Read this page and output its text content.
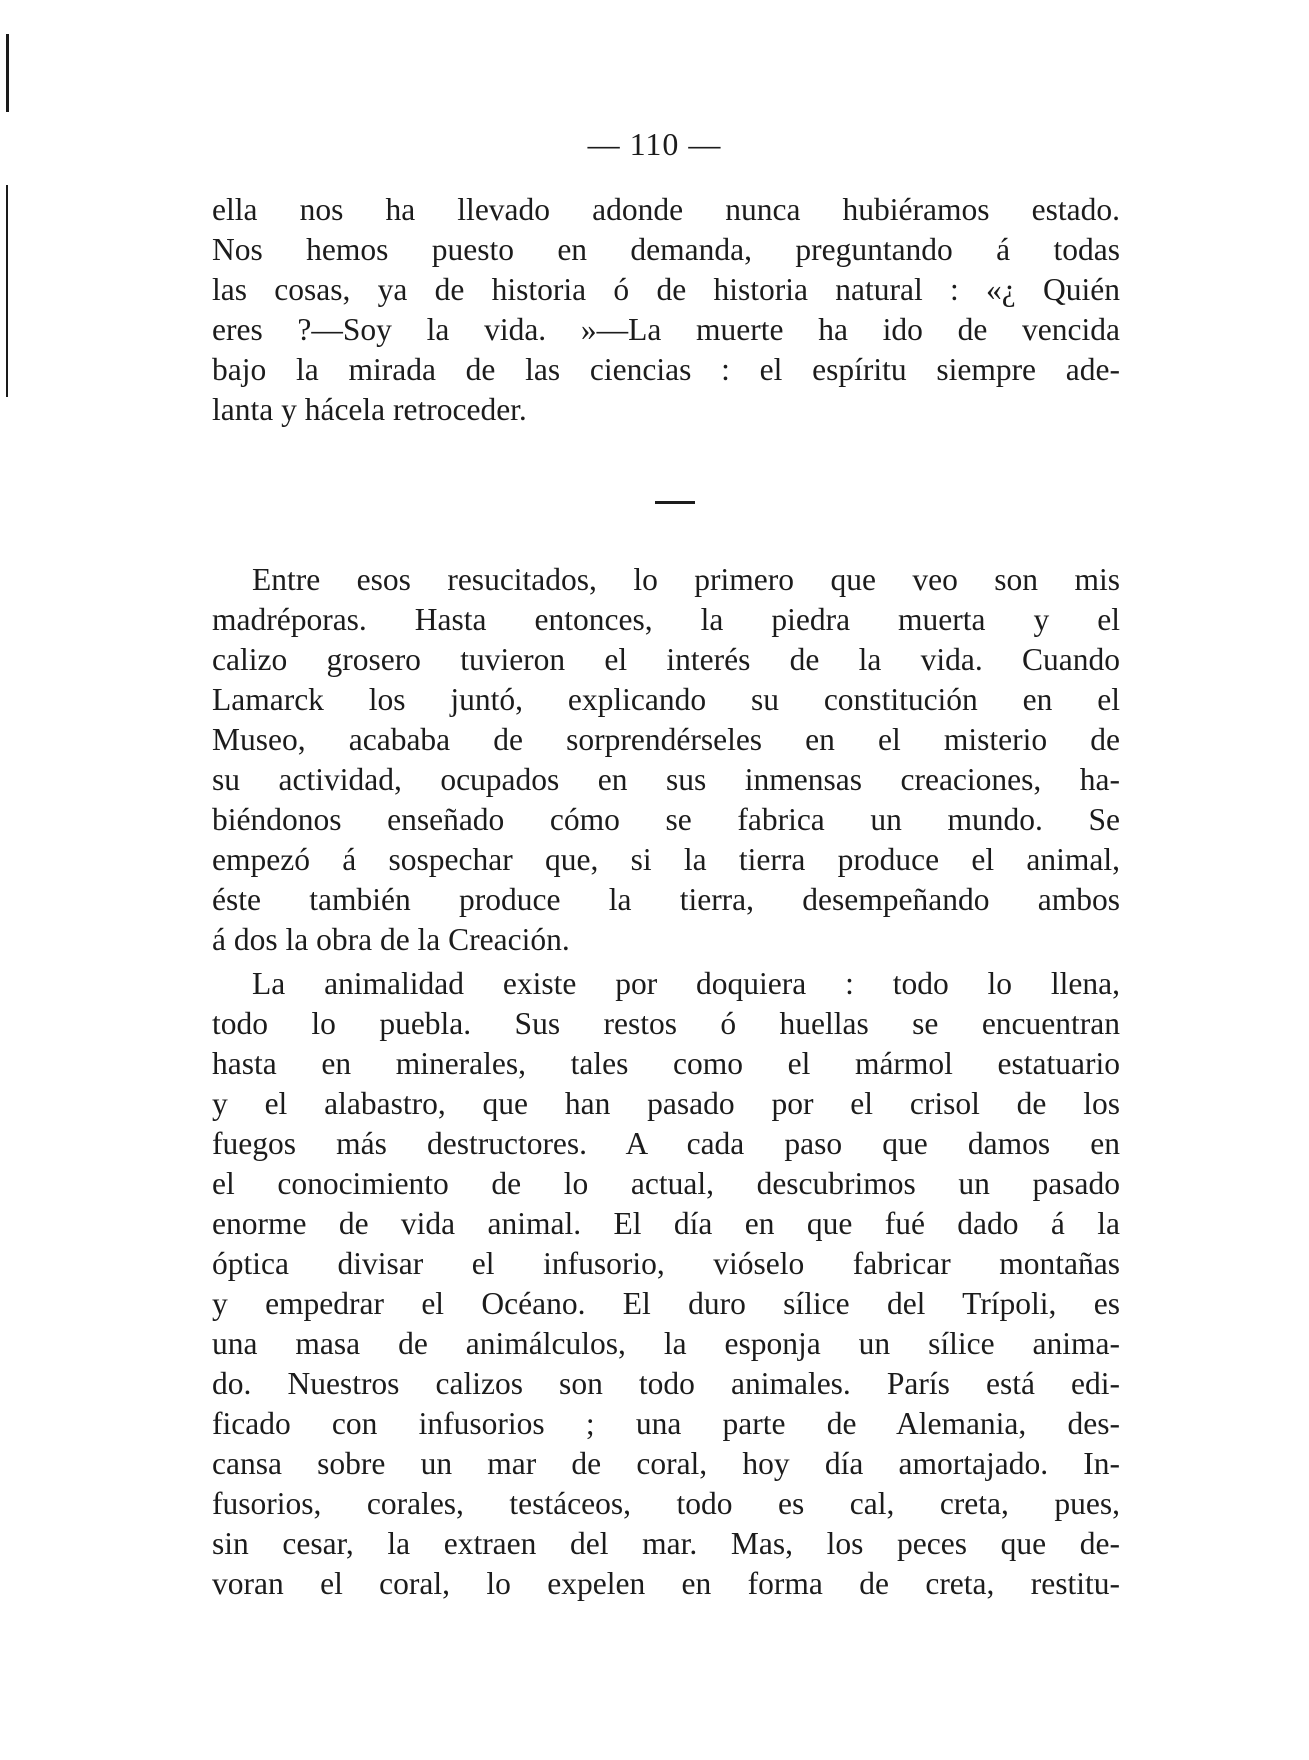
— 110 —
ella nos ha llevado adonde nunca hubiéramos estado.
Nos hemos puesto en demanda, preguntando á todas
las cosas, ya de historia ó de historia natural : «¿ Quién
eres ?—Soy la vida. »—La muerte ha ido de vencida
bajo la mirada de las ciencias : el espíritu siempre ade-
lanta y hácela retroceder.
Entre esos resucitados, lo primero que veo son mis
madréporas. Hasta entonces, la piedra muerta y el
calizo grosero tuvieron el interés de la vida. Cuando
Lamarck los juntó, explicando su constitución en el
Museo, acababa de sorprendérseles en el misterio de
su actividad, ocupados en sus inmensas creaciones, ha-
biéndonos enseñado cómo se fabrica un mundo. Se
empezó á sospechar que, si la tierra produce el animal,
éste también produce la tierra, desempeñando ambos
á dos la obra de la Creación.
La animalidad existe por doquiera : todo lo llena,
todo lo puebla. Sus restos ó huellas se encuentran
hasta en minerales, tales como el mármol estatuario
y el alabastro, que han pasado por el crisol de los
fuegos más destructores. A cada paso que damos en
el conocimiento de lo actual, descubrimos un pasado
enorme de vida animal. El día en que fué dado á la
óptica divisar el infusorio, vióselo fabricar montañas
y empedrar el Océano. El duro sílice del Trípoli, es
una masa de animálculos, la esponja un sílice anima-
do. Nuestros calizos son todo animales. París está edi-
ficado con infusorios ; una parte de Alemania, des-
cansa sobre un mar de coral, hoy día amortajado. In-
fusorios, corales, testáceos, todo es cal, creta, pues,
sin cesar, la extraen del mar. Mas, los peces que de-
voran el coral, lo expelen en forma de creta, restitu-
